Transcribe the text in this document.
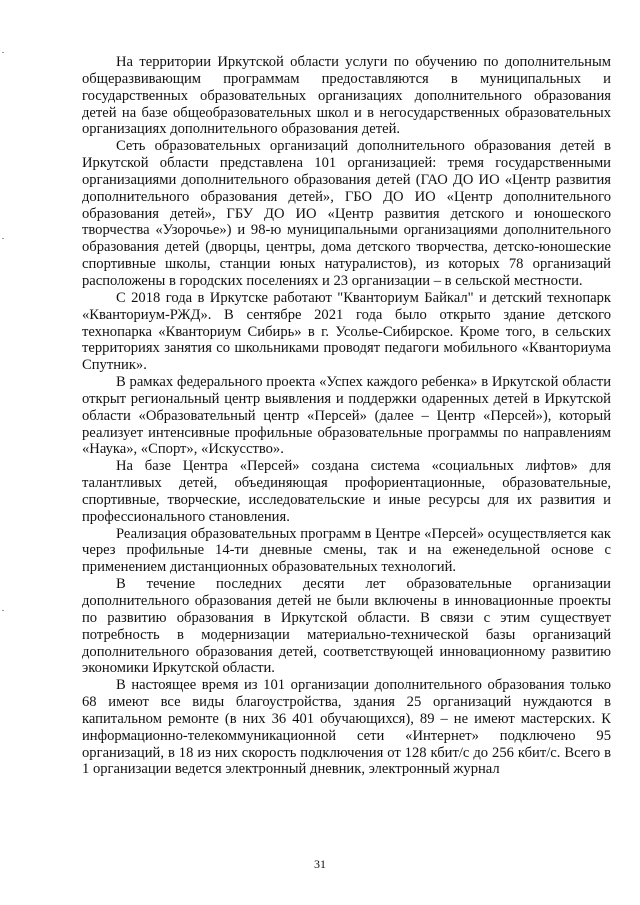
На территории Иркутской области услуги по обучению по дополнительным общеразвивающим программам предоставляются в муниципальных и государственных образовательных организациях дополнительного образования детей на базе общеобразовательных школ и в негосударственных образовательных организациях дополнительного образования детей.

Сеть образовательных организаций дополнительного образования детей в Иркутской области представлена 101 организацией: тремя государственными организациями дополнительного образования детей (ГАО ДО ИО «Центр развития дополнительного образования детей», ГБО ДО ИО «Центр дополнительного образования детей», ГБУ ДО ИО «Центр развития детского и юношеского творчества «Узорочье») и 98-ю муниципальными организациями дополнительного образования детей (дворцы, центры, дома детского творчества, детско-юношеские спортивные школы, станции юных натуралистов), из которых 78 организаций расположены в городских поселениях и 23 организации – в сельской местности.

С 2018 года в Иркутске работают "Кванториум Байкал" и детский технопарк «Кванториум-РЖД». В сентябре 2021 года было открыто здание детского технопарка «Кванториум Сибирь» в г. Усолье-Сибирское. Кроме того, в сельских территориях занятия со школьниками проводят педагоги мобильного «Кванториума Спутник».

В рамках федерального проекта «Успех каждого ребенка» в Иркутской области открыт региональный центр выявления и поддержки одаренных детей в Иркутской области «Образовательный центр «Персей» (далее – Центр «Персей»), который реализует интенсивные профильные образовательные программы по направлениям «Наука», «Спорт», «Искусство».

На базе Центра «Персей» создана система «социальных лифтов» для талантливых детей, объединяющая профориентационные, образовательные, спортивные, творческие, исследовательские и иные ресурсы для их развития и профессионального становления.

Реализация образовательных программ в Центре «Персей» осуществляется как через профильные 14-ти дневные смены, так и на еженедельной основе с применением дистанционных образовательных технологий.

В течение последних десяти лет образовательные организации дополнительного образования детей не были включены в инновационные проекты по развитию образования в Иркутской области. В связи с этим существует потребность в модернизации материально-технической базы организаций дополнительного образования детей, соответствующей инновационному развитию экономики Иркутской области.

В настоящее время из 101 организации дополнительного образования только 68 имеют все виды благоустройства, здания 25 организаций нуждаются в капитальном ремонте (в них 36 401 обучающихся), 89 – не имеют мастерских. К информационно-телекоммуникационной сети «Интернет» подключено 95 организаций, в 18 из них скорость подключения от 128 кбит/с до 256 кбит/с. Всего в 1 организации ведется электронный дневник, электронный журнал

31
